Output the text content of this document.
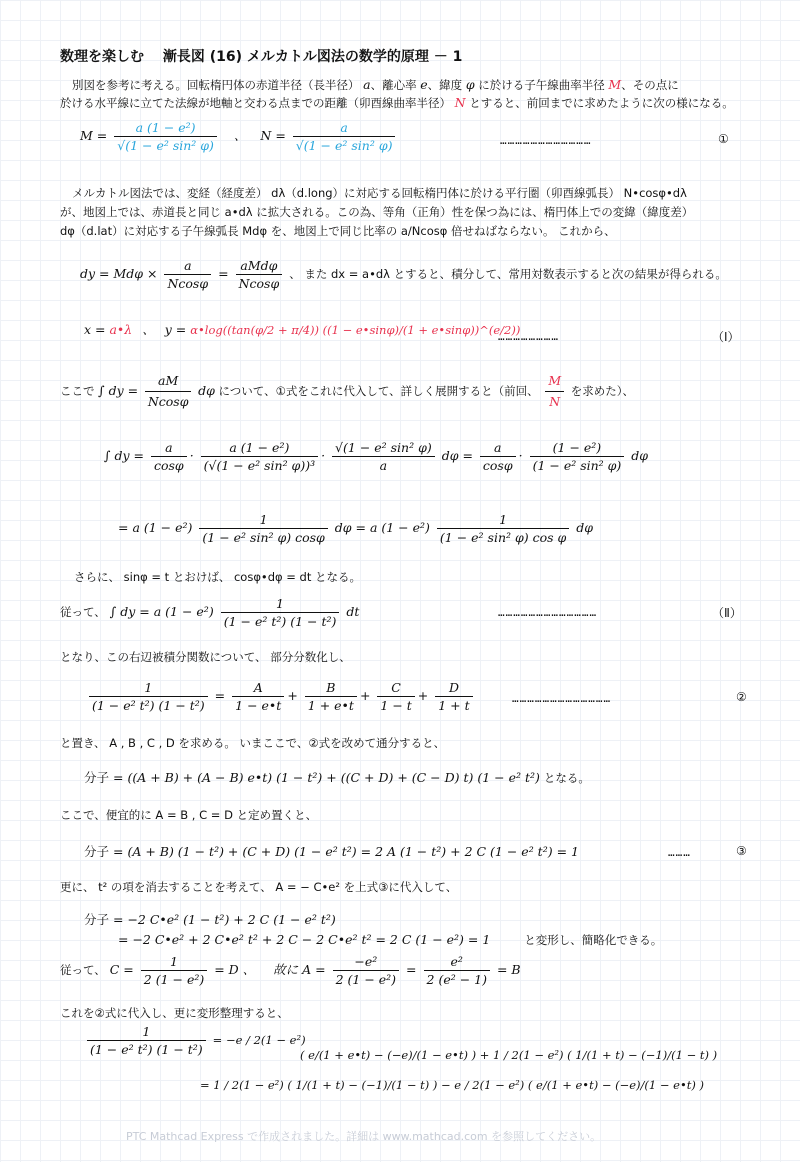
数理を楽しむ　 漸長図 (16) メルカトル図法の数学的原理 － 1
別図を参考に考える。回転楕円体の赤道半径（長半径） a、離心率 e、緯度 φ に於ける子午線曲率半径 M、その点に
於ける水平線に立てた法線が地軸と交わる点までの距離（卯酉線曲率半径） N とすると、前回までに求めたように次の様になる。
$M = \frac{\text{a (1 − e²)}}{\text{√(1 − e² sin² φ)}}$ 、 $N = \frac{a}{\text{√(1 − e² sin² φ)}}$	………………………………	①
メルカトル図法では、変経（経度差） dλ（d.long）に対応する回転楕円体に於ける平行圏（卯酉線弧長） N•cosφ•dλ
が、地図上では、赤道長と同じ a•dλ に拡大される。この為、等角（正角）性を保つ為には、楕円体上での変緯（緯度差）
dφ（d.lat）に対応する子午線弧長 Mdφ を、地図上で同じ比率の a/Ncosφ 倍せねばならない。 これから、
dy = $Md\varphi \times \frac{a}{Ncos\varphi} = \frac{\text{aMdφ}}{Ncos\varphi}$ 、 また dx = a•dλ とすると、積分して、常用対数表示すると次の結果が得られる。
x = a•λ 、 y = α•log((tan(φ/2 + π/4)) ((1 − e•sinφ)/(1 + e•sinφ))^(e/2))
……………………	（Ⅰ）
ここで ∫ dy = $\frac{aM}{Ncos\varphi}$ dφ について、①式をこれに代入して、詳しく展開すると（前回、 $\frac{M}{N}$ を求めた）、
∫ dy = $\frac{a}{\cos\varphi} \cdot \frac{\text{a (1 − e²)}}{\text{(√(1 − e² sin² φ))³}} \cdot \frac{\text{√(1 − e² sin² φ)}}{a}$ $d\varphi = \frac{a}{\cos\varphi} \cdot \frac{\text{(1 − e²)}}{\text{(1 − e² sin² φ)}}$ dφ
= a $(1 - e^2) \frac{1}{\text{(1 − e² sin² φ) cosφ}}$ dφ = a $(1 - e^2) \frac{1}{\text{(1 − e² sin² φ) cos φ}}$ dφ
さらに、 sinφ = t とおけば、 cosφ•dφ = dt となる。
従って、 ∫ dy = a $(1 - e^2) \frac{1}{\text{(1 − e² t²) (1 − t²)}}$ dt	…………………………………	（Ⅱ）
となり、この右辺被積分関数について、 部分分数化し、
$\frac{1}{\text{(1 − e² t²) (1 − t²)}} = \frac{A}{1 - e•t} + \frac{B}{1 + e•t} + \frac{C}{1 - t} + \frac{D}{1 + t}$	…………………………………	②
と置き、 A , B , C , D を求める。 いまここで、②式を改めて通分すると、
分子 = ((A + B) + (A − B) e•t) (1 − t²) + ((C + D) + (C − D) t) (1 − e² t²) となる。
ここで、便宜的に A = B , C = D と定め置くと、
分子 = (A + B) (1 − t²) + (C + D) (1 − e² t²) = 2 A (1 − t²) + 2 C (1 − e² t²) = 1	………	③
更に、 t² の項を消去することを考えて、 A = − C•e² を上式③に代入して、
分子 = −2 C•e² (1 − t²) + 2 C (1 − e² t²)
= −2 C•e² + 2 C•e² t² + 2 C − 2 C•e² t² = 2 C (1 − e²) = 1	と変形し、簡略化できる。
従って、 $C = \frac{1}{\text{2 (1 − e²)}} = D$ 、 故に $A = \frac{\text{−e²}}{\text{2 (1 − e²)}} = \frac{\text{e²}}{\text{2 (e² − 1)}} = B$
これを②式に代入し、更に変形整理すると、
$\frac{1}{\text{(1 − e² t²) (1 − t²)}} = -e / 2(1 - e^2)$
( e/(1 + e•t) − (−e)/(1 − e•t) ) + 1 / 2(1 − e²) ( 1/(1 + t) − (−1)/(1 − t) )
= 1 / 2(1 − e²) ( 1/(1 + t) − (−1)/(1 − t) ) − e / 2(1 − e²) ( e/(1 + e•t) − (−e)/(1 − e•t) )
PTC Mathcad Express で作成されました。詳細は www.mathcad.com を参照してください。
